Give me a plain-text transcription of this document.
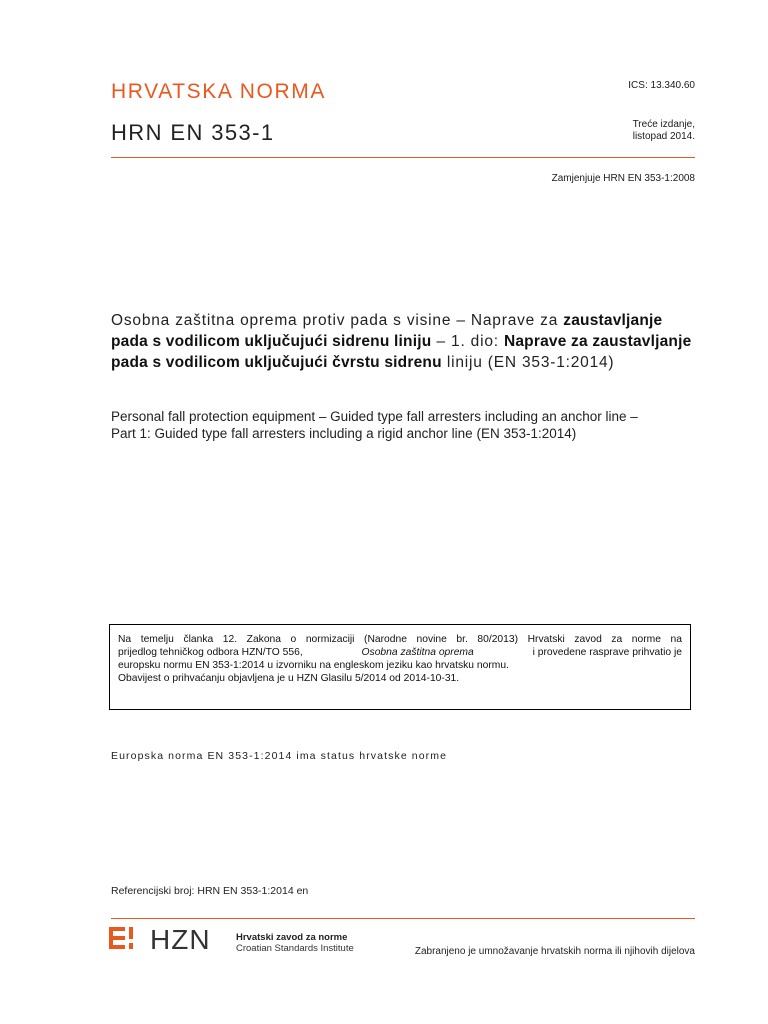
HRVATSKA NORMA	ICS: 13.340.60
HRN EN 353-1	Treće izdanje,
listopad 2014.
Zamjenjuje HRN EN 353-1:2008
Osobna zaštitna oprema protiv pada s visine – Naprave za zaustavljanje pada s vodilicom uključujući sidrenu liniju – 1. dio: Naprave za zaustavljanje pada s vodilicom uključujući čvrstu sidrenu liniju (EN 353-1:2014)
Personal fall protection equipment – Guided type fall arresters including an anchor line –
Part 1: Guided type fall arresters including a rigid anchor line (EN 353-1:2014)
Na temelju članka 12. Zakona o normizaciji (Narodne novine br. 80/2013) Hrvatski zavod za norme na
prijedlog tehničkog odbora HZN/TO 556,	Osobna zaštitna oprema	i provedene rasprave prihvatio je
europsku normu EN 353-1:2014 u izvorniku na engleskom jeziku kao hrvatsku normu.
Obavijest o prihvaćanju objavljena je u HZN Glasilu 5/2014 od 2014-10-31.
Europska norma EN 353-1:2014 ima status hrvatske norme
Referencijski broj: HRN EN 353-1:2014 en
HZN	Hrvatski zavod za norme
Croatian Standards Institute	Zabranjeno je umnožavanje hrvatskih norma ili njihovih dijelova
